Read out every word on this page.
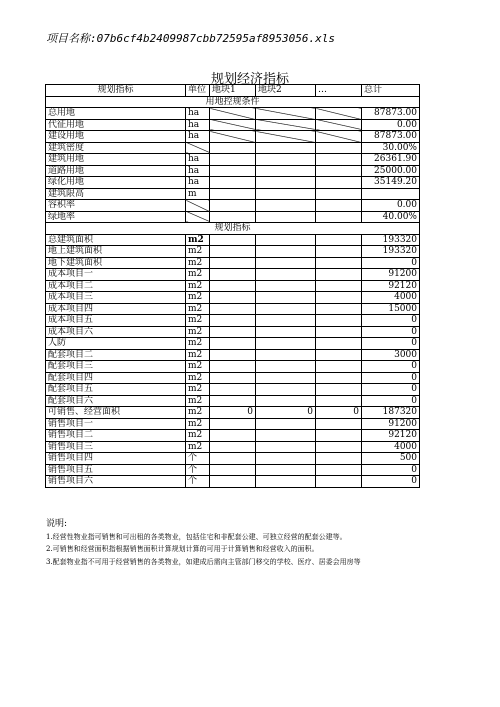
项目名称:07b6cf4b2409987cbb72595af8953056.xls
规划经济指标
规划指标	单位	地块1	地块2	…	总计
用地控规条件					
总用地	ha				87873.00
代征用地	ha				0.00
建设用地	ha				87873.00
建筑密度					30.00%
建筑用地	ha				26361.90
道路用地	ha				25000.00
绿化用地	ha				35149.20
建筑限高	m				
容积率					0.00
绿地率					40.00%
规划指标					
总建筑面积	m2				193320
地上建筑面积	m2				193320
地下建筑面积	m2				0
成本项目一	m2				91200
成本项目二	m2				92120
成本项目三	m2				4000
成本项目四	m2				15000
成本项目五	m2				0
成本项目六	m2				0
人防	m2				0
配套项目二	m2				3000
配套项目三	m2				0
配套项目四	m2				0
配套项目五	m2				0
配套项目六	m2				0
可销售、经营面积	m2	0	0	0	187320
销售项目一	m2				91200
销售项目二	m2				92120
销售项目三	m2				4000
销售项目四	个				500
销售项目五	个				0
销售项目六	个				0
说明:
1.经营性物业指可销售和可出租的各类物业，包括住宅和非配套公建、可独立经营的配套公建等。
2.可销售和经营面积指根据销售面积计算规划计算的可用于计算销售和经营收入的面积。
3.配套物业指不可用于经营销售的各类物业，如建成后需向主管部门移交的学校、医疗、居委会用房等
